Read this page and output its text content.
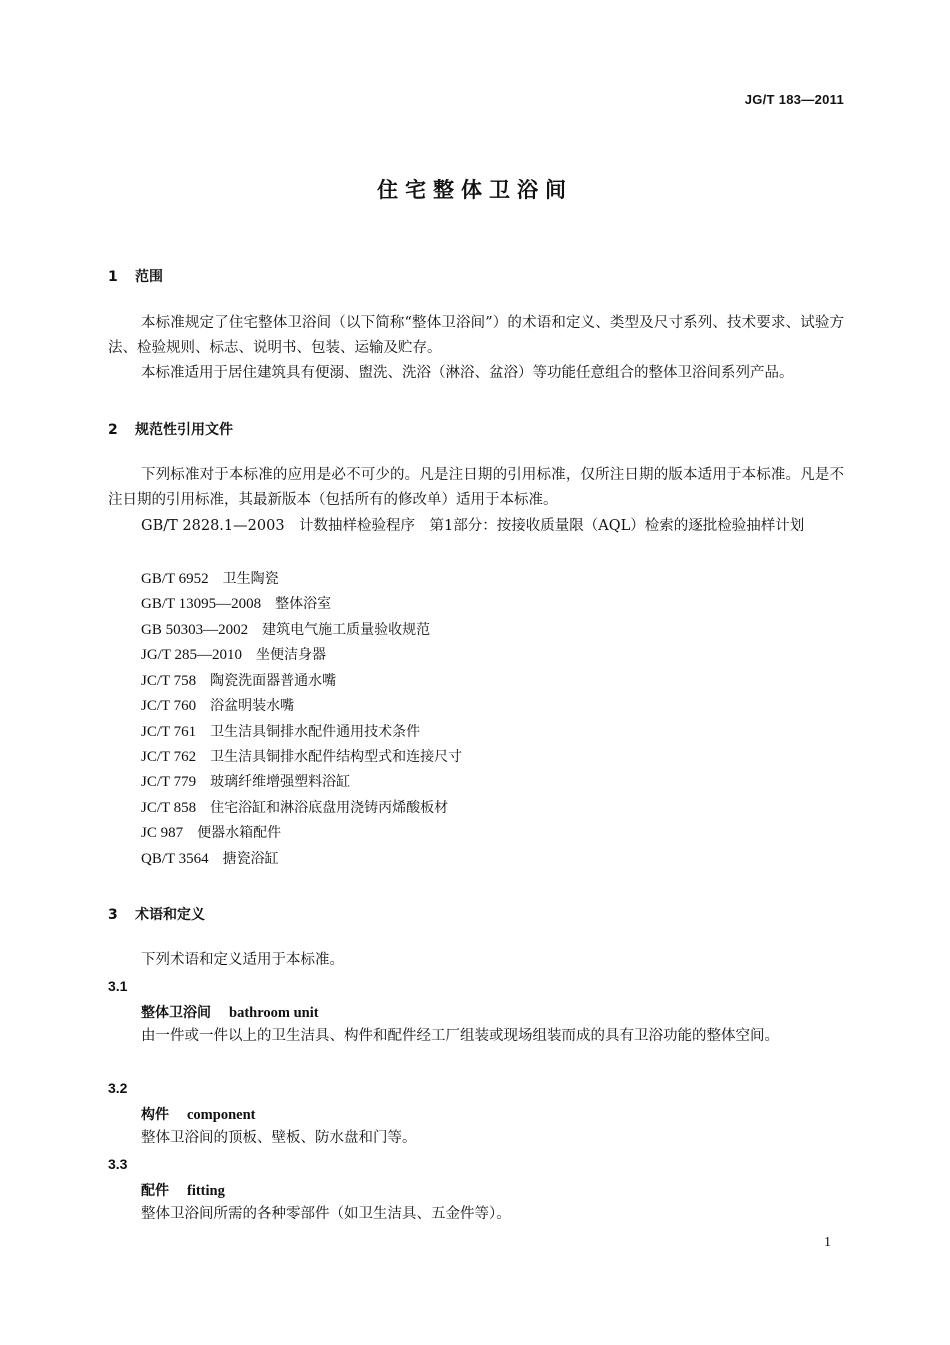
JG/T 183—2011
住宅整体卫浴间
1 范围
本标准规定了住宅整体卫浴间（以下简称“整体卫浴间”）的术语和定义、类型及尺寸系列、技术要求、试验方法、检验规则、标志、说明书、包装、运输及贮存。
本标准适用于居住建筑具有便溺、盥洗、洗浴（淋浴、盆浴）等功能任意组合的整体卫浴间系列产品。
2 规范性引用文件
下列标准对于本标准的应用是必不可少的。凡是注日期的引用标准，仅所注日期的版本适用于本标准。凡是不注日期的引用标准，其最新版本（包括所有的修改单）适用于本标准。
GB/T 2828.1—2003　计数抽样检验程序　第1部分：按接收质量限（AQL）检索的逐批检验抽样计划
GB/T 6952 卫生陶瓷
GB/T 13095—2008 整体浴室
GB 50303—2002 建筑电气施工质量验收规范
JG/T 285—2010 坐便洁身器
JC/T 758 陶瓷洗面器普通水嘴
JC/T 760 浴盆明装水嘴
JC/T 761 卫生洁具铜排水配件通用技术条件
JC/T 762 卫生洁具铜排水配件结构型式和连接尺寸
JC/T 779 玻璃纤维增强塑料浴缸
JC/T 858 住宅浴缸和淋浴底盘用浇铸丙烯酸板材
JC 987 便器水箱配件
QB/T 3564 搪瓷浴缸
3 术语和定义
下列术语和定义适用于本标准。
3.1
整体卫浴间 bathroom unit
由一件或一件以上的卫生洁具、构件和配件经工厂组装或现场组装而成的具有卫浴功能的整体空间。
3.2
构件 component
整体卫浴间的顶板、壁板、防水盘和门等。
3.3
配件 fitting
整体卫浴间所需的各种零部件（如卫生洁具、五金件等）。
1
